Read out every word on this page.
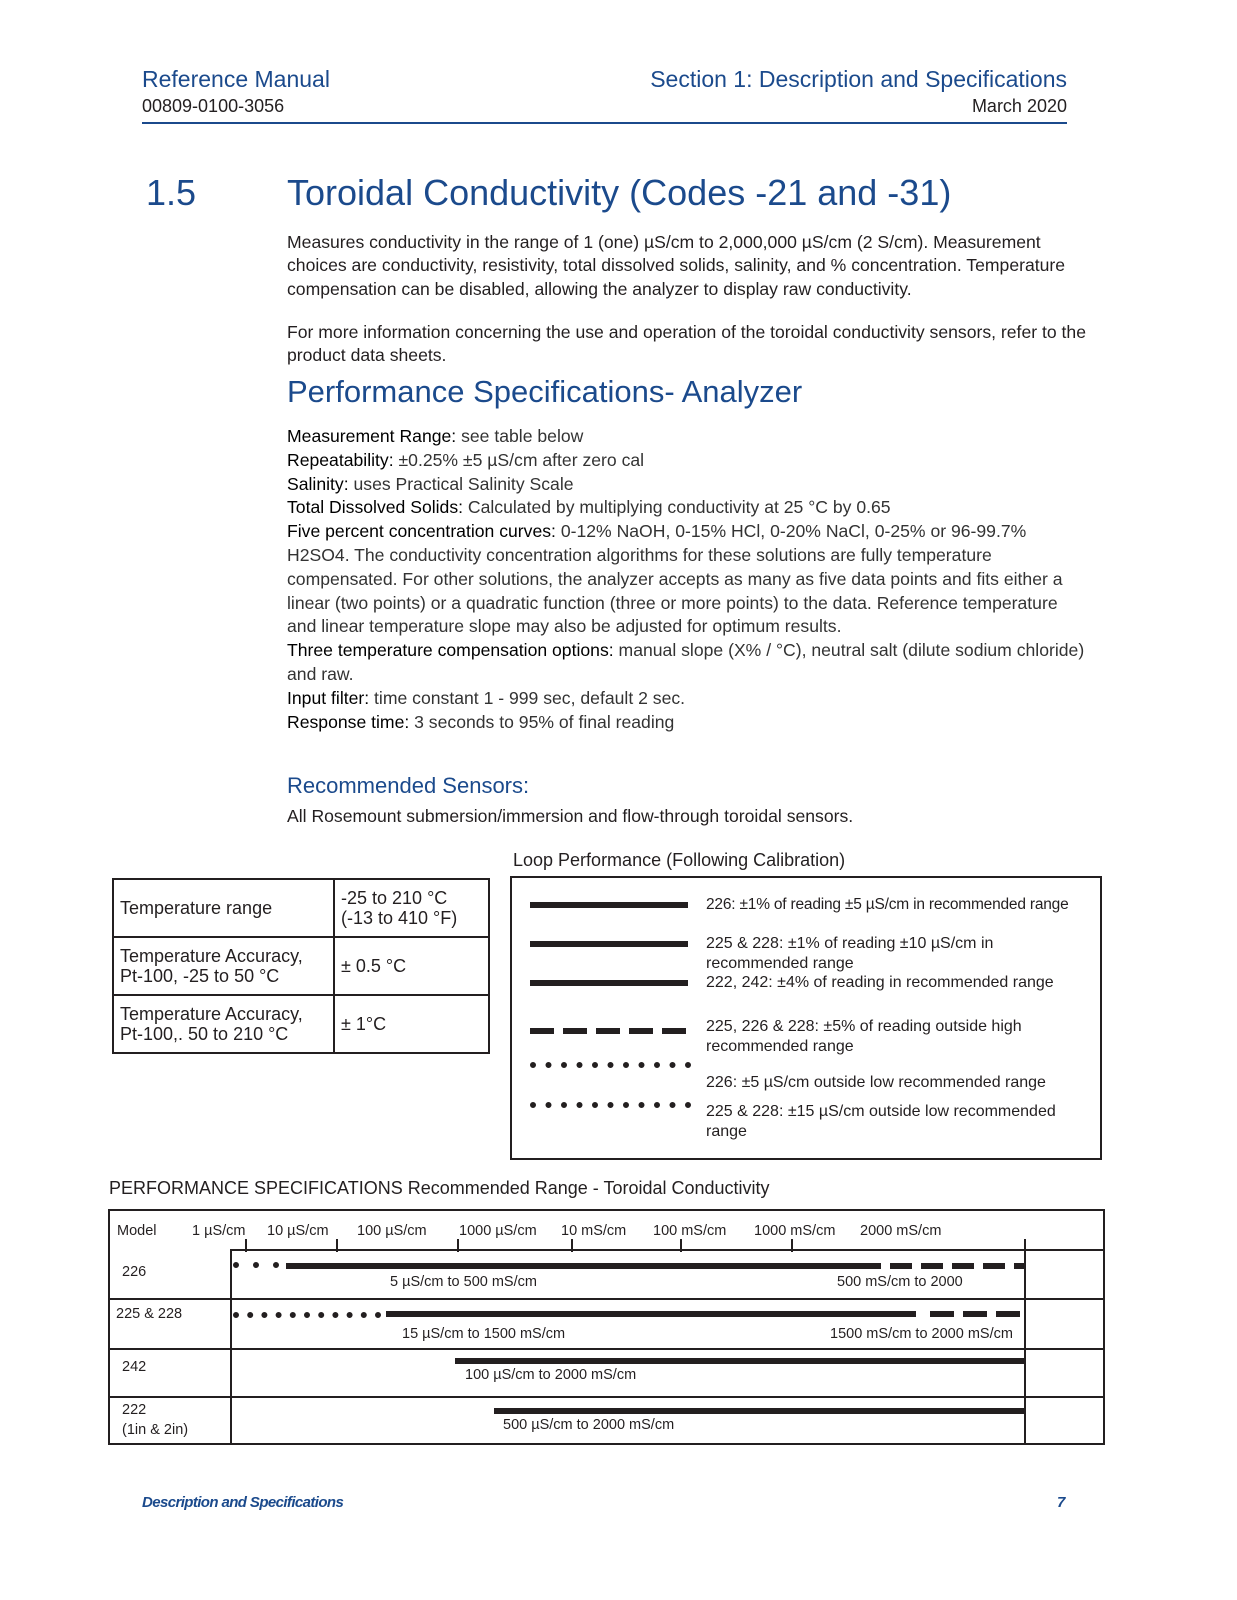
Reference Manual
00809-0100-3056
Section 1: Description and Specifications
March 2020
1.5	Toroidal Conductivity (Codes -21 and -31)
Measures conductivity in the range of 1 (one) µS/cm to 2,000,000 µS/cm (2 S/cm). Measurement choices are conductivity, resistivity, total dissolved solids, salinity, and % concentration. Temperature compensation can be disabled, allowing the analyzer to display raw conductivity.
For more information concerning the use and operation of the toroidal conductivity sensors, refer to the product data sheets.
Performance Specifications- Analyzer
Measurement Range: see table below
Repeatability: ±0.25% ±5 µS/cm after zero cal
Salinity: uses Practical Salinity Scale
Total Dissolved Solids: Calculated by multiplying conductivity at 25 °C by 0.65
Five percent concentration curves: 0-12% NaOH, 0-15% HCl, 0-20% NaCl, 0-25% or 96-99.7% H2SO4. The conductivity concentration algorithms for these solutions are fully temperature compensated. For other solutions, the analyzer accepts as many as five data points and fits either a linear (two points) or a quadratic function (three or more points) to the data. Reference temperature and linear temperature slope may also be adjusted for optimum results.
Three temperature compensation options: manual slope (X% / °C), neutral salt (dilute sodium chloride) and raw.
Input filter: time constant 1 - 999 sec, default 2 sec.
Response time: 3 seconds to 95% of final reading
Recommended Sensors:
All Rosemount submersion/immersion and flow-through toroidal sensors.
Temperature range	-25 to 210 °C
(-13 to 410 °F)
Temperature Accuracy,
Pt-100, -25 to 50 °C	± 0.5 °C
Temperature Accuracy,
Pt-100,. 50 to 210 °C	± 1°C
Loop Performance (Following Calibration)
226: ±1% of reading ±5 µS/cm in recommended range
225 & 228: ±1% of reading ±10 µS/cm in recommended range
222, 242: ±4% of reading in recommended range
225, 226 & 228: ±5% of reading outside high recommended range
226: ±5 µS/cm outside low recommended range
225 & 228: ±15 µS/cm outside low recommended range
PERFORMANCE SPECIFICATIONS Recommended Range - Toroidal Conductivity
Model 1 µS/cm 10 µS/cm 100 µS/cm 1000 µS/cm 10 mS/cm 100 mS/cm 1000 mS/cm 2000 mS/cm
226
5 µS/cm to 500 mS/cm	500 mS/cm to 2000
225 & 228
15 µS/cm to 1500 mS/cm	1500 mS/cm to 2000 mS/cm
242	100 µS/cm to 2000 mS/cm
222
(1in & 2in)	500 µS/cm to 2000 mS/cm
Description and Specifications	7
